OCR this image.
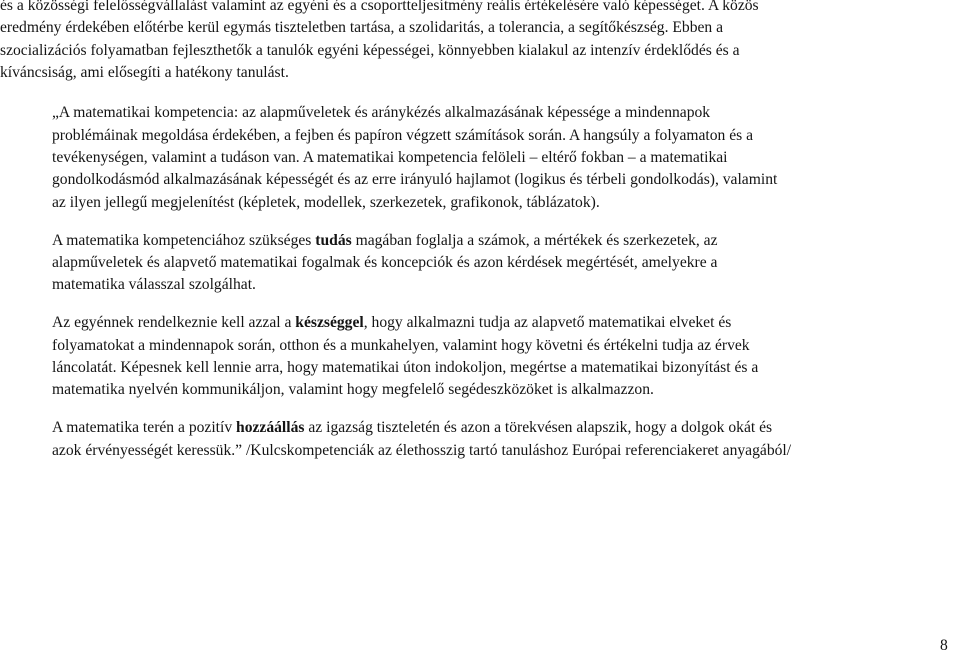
és a közösségi felelősségvállalást valamint az egyéni és a csoportteljesítmény reális értékelésére való képességet. A közös
eredmény érdekében előtérbe kerül egymás tiszteletben tartása, a szolidaritás, a tolerancia, a segítőkészség. Ebben a
szocializációs folyamatban fejleszthetők a tanulók egyéni képességei, könnyebben kialakul az intenzív érdeklődés és a
kíváncsiság, ami elősegíti a hatékony tanulást.
„A matematikai kompetencia: az alapműveletek és aránykézés alkalmazásának képessége a mindennapok
problémáinak megoldása érdekében, a fejben és papíron végzett számítások során. A hangsúly a folyamaton és a
tevékenységen, valamint a tudáson van. A matematikai kompetencia felöleli – eltérő fokban – a matematikai
gondolkodásmód alkalmazásának képességét és az erre irányuló hajlamot (logikus és térbeli gondolkodás), valamint
az ilyen jellegű megjelenítést (képletek, modellek, szerkezetek, grafikonok, táblázatok).
A matematika kompetenciához szükséges tudás magában foglalja a számok, a mértékek és szerkezetek, az
alapműveletek és alapvető matematikai fogalmak és koncepciók és azon kérdések megértését, amelyekre a
matematika válasszal szolgálhat.
Az egyénnek rendelkeznie kell azzal a készséggel, hogy alkalmazni tudja az alapvető matematikai elveket és
folyamatokat a mindennapok során, otthon és a munkahelyen, valamint hogy követni és értékelni tudja az érvek
láncolatát. Képesnek kell lennie arra, hogy matematikai úton indokoljon, megértse a matematikai bizonyítást és a
matematika nyelvén kommunikáljon, valamint hogy megfelelő segédeszközöket is alkalmazzon.
A matematika terén a pozitív hozzáállás az igazság tiszteletén és azon a törekvésen alapszik, hogy a dolgok okát és
azok érvényességét keressük.” /Kulcskompetenciák az élethosszig tartó tanuláshoz Európai referenciakeret anyagából/
8
